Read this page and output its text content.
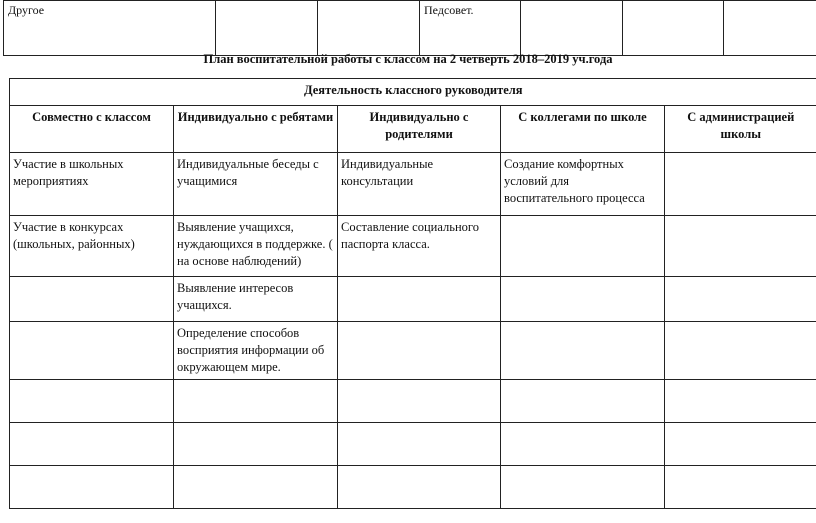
Другое			Педсовет.			
План воспитательной работы с классом на 2 четверть 2018–2019 уч.года
Деятельность классного руководителя				
Совместно с классом	Индивидуально с ребятами	Индивидуально с родителями	С коллегами по школе	С администрацией школы
Участие в школьных мероприятиях	Индивидуальные беседы с учащимися	Индивидуальные консультации	Создание комфортных условий для воспитательного процесса	
Участие в конкурсах (школьных, районных)	Выявление учащихся, нуждающихся в поддержке. ( на основе наблюдений)	Составление социального паспорта класса.		
	Выявление интересов учащихся.			
	Определение способов восприятия информации об окружающем мире.			
